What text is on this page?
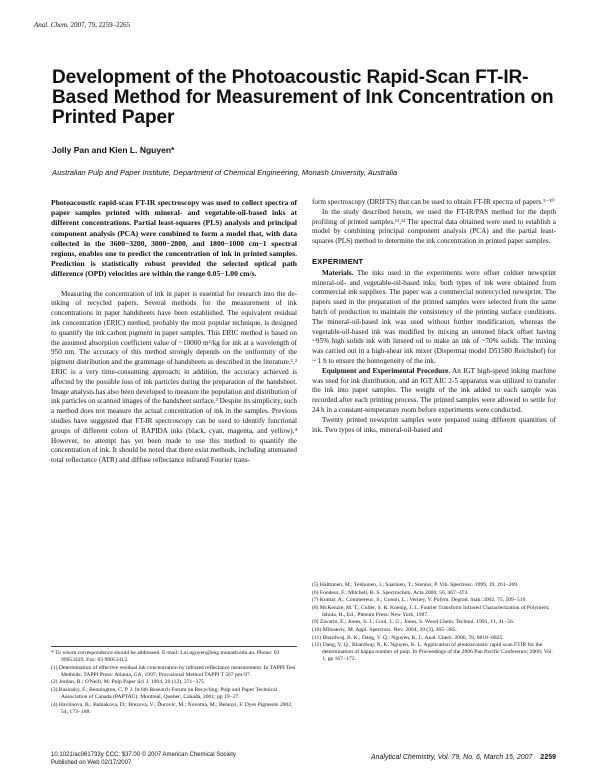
Anal. Chem. 2007, 79, 2259–2265
Development of the Photoacoustic Rapid-Scan FT-IR-Based Method for Measurement of Ink Concentration on Printed Paper
Jolly Pan and Kien L. Nguyen*
Australian Pulp and Paper Institute, Department of Chemical Engineering, Monash University, Australia
Photoacoustic rapid-scan FT-IR spectroscopy was used to collect spectra of paper samples printed with mineral- and vegetable-oil-based inks at different concentrations. Partial least-squares (PLS) analysis and principal component analysis (PCA) were combined to form a model that, with data collected in the 3600−3200, 3000−2800, and 1800−1000 cm−1 spectral regions, enables one to predict the concentration of ink in printed samples. Prediction is statistically robust provided the selected optical path difference (OPD) velocities are within the range 0.05−1.00 cm/s.

Measuring the concentration of ink in paper is essential for research into the de-inking of recycled papers. Several methods for the measurement of ink concentrations in paper handsheets have been established. The equivalent residual ink concentration (ERIC) method, probably the most popular technique, is designed to quantify the ink carbon pigment in paper samples. This ERIC method is based on the assumed absorption coefficient value of ~10000 m²/kg for ink at a wavelength of 950 nm. The accuracy of this method strongly depends on the uniformity of the pigment distribution and the grammage of handsheets as described in the literature.¹,² ERIC is a very time-consuming approach; in addition, the accuracy achieved is affected by the possible loss of ink particles during the preparation of the handsheet. Image analysis has also been developed to measure the population and distribution of ink particles on scanned images of the handsheet surface.³ Despite its simplicity, such a method does not measure the actual concentration of ink in the samples. Previous studies have suggested that FT-IR spectroscopy can be used to identify functional groups of different colors of RAPIDA inks (black, cyan, magenta, and yellow).⁴ However, no attempt has yet been made to use this method to quantify the concentration of ink. It should be noted that there exist methods, including attenuated total reflectance (ATR) and diffuse reflectance infrared Fourier trans-

form spectroscopy (DRIFTS) that can be used to obtain FT-IR spectra of papers.⁵⁻¹⁰

In the study described herein, we used the FT-IR/PAS method for the depth profiling of printed samples.¹¹,¹² The spectral data obtained were used to establish a model by combining principal component analysis (PCA) and the partial least-squares (PLS) method to determine the ink concentration in printed paper samples.

EXPERIMENT

Materials. The inks used in the experiments were offset coldset newsprint mineral-oil- and vegetable-oil-based inks; both types of ink were obtained from commercial ink suppliers. The paper was a commercial nonrecycled newsprint. The papers used in the preparation of the printed samples were selected from the same batch of production to maintain the consistency of the printing surface conditions. The mineral-oil-based ink was used without further modification, whereas the vegetable-oil-based ink was modified by mixing an untoned black offset having ~95% high solids ink with linseed oil to make an ink of ~70% solids. The mixing was carried out in a high-shear ink mixer (Dispermat model D51580 Reichshof) for ~ 1 h to ensure the homogeneity of the ink.

Equipment and Experimental Procedure. An IGT high-speed inking machine was used for ink distribution, and an IGT AIC 2-5 apparatus was utilized to transfer the ink into paper samples. The weight of the ink added to each sample was recorded after each printing process. The printed samples were allowed to settle for 24 h in a constant-temperature room before experiments were conducted.

Twenty printed newsprint samples were prepared using different quantities of ink. Two types of inks, mineral-oil-based and

* To whom correspondence should be addressed. E-mail: Loi.nguyen@eng.monash.edu.au. Phone: 03 99053429. Fax: 03 99053413.
(1) Determination of effective residual ink concentration by infrared reflectance measurement. In TAPPI Test Methods; TAPPI Press: Atlanta, GA, 1997; Provisional Method TAPPI T 567 pm-97.
(2) Jordan, B.; O'Neill, M. Pulp Paper Sci J. 1994, 20 (12), 371−375.
(3) Bazinsky, F.; Bennington, C. P. J. In 6th Research Forum on Recycling; Pulp and Paper Technical Association of Canada (PAPTAC): Montreal, Quebec, Canada, 2001; pp 19−27.
(4) Havlínova, B.; Babiakova, D.; Brezova, V.; Ďurovic, M.; Novotna, M.; Belanyi, F. Dyes Pigments 2002, 54, 173−188.
(5) Halttunen, M.; Tenhunen, J.; Saarinen, T.; Stenius, P. Vib. Spectrosc. 1999, 19, 261−269.
(6) Fondeur, F.; Mitchell, B. S. Spectrochim. Acta 2000, 56, 467−473.
(7) Kumar, A.; Commereuc, S.; Gonon, L.; Verney, V. Polym. Degrad. Stab. 2002, 75, 509−516.
(8) McKenzie, M. T.; Culler, S. R. Koenig, J. L. Fourier Transform Infrared Characterization of Polymers; Ishida, H., Ed.; Plenum Press: New York, 1987.
(9) Zavarin, E.; Jones, S. J.; Cool, L. G.; Jones, S. Wood Chem. Technol. 1991, 11, 41−56.
(10) Milosevic, M. Appl. Spectrosc. Rev. 2004, 39 (3), 365−385.
(11) Bhardwaj, B. K.; Dang, V. Q.; Nguyen, K. L. Anal. Chem. 2006, 78, 6818−6825.
(12) Dang, V. Q.; Bhardwaj, N. K. Nguyen, K. L. Application of photoacoustic rapid scan FTIR for the determination of kappa number of pulp. In Proceedings of the 2006 Pan Pacific Conference; 2006; Vol. 1, pp 167−172.
10.1021/ac061733y CCC: $37.00 © 2007 American Chemical Society
Published on Web 02/17/2007
Analytical Chemistry, Vol. 79, No. 6, March 15, 2007 2259
